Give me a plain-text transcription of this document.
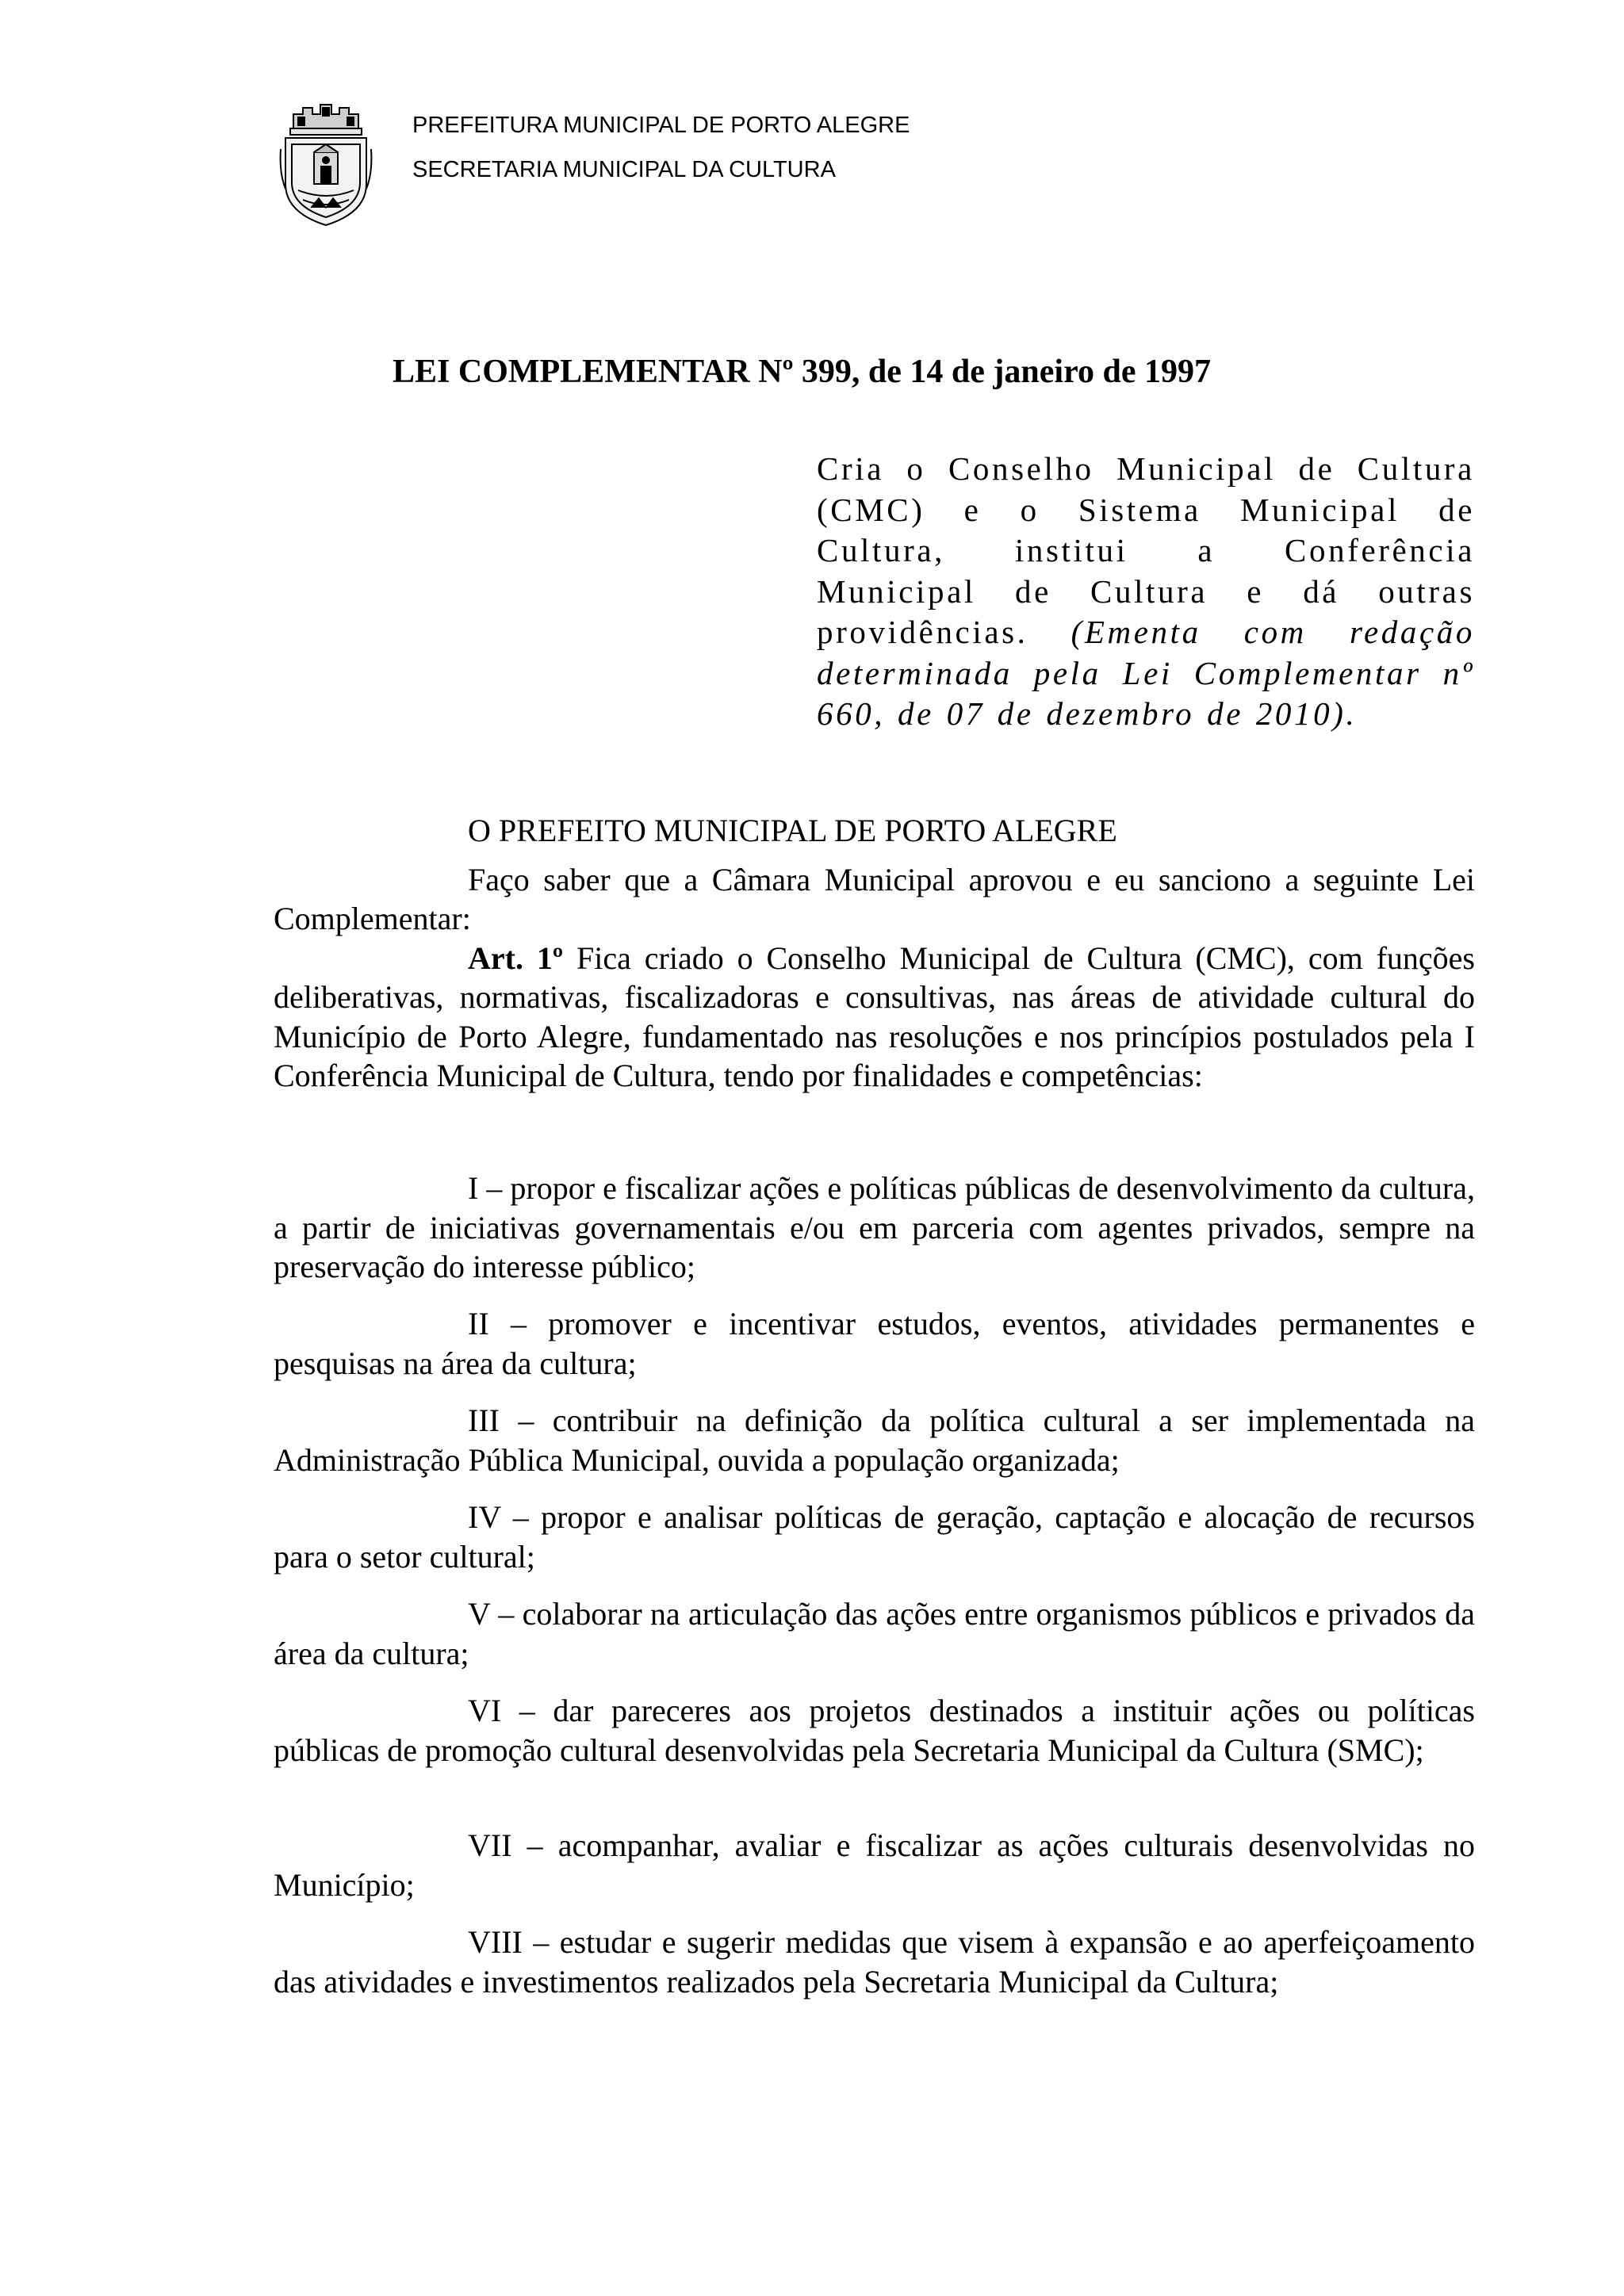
PREFEITURA MUNICIPAL DE PORTO ALEGRE
SECRETARIA MUNICIPAL DA CULTURA
LEI COMPLEMENTAR Nº 399, de 14 de janeiro de 1997
Cria o Conselho Municipal de Cultura (CMC) e o Sistema Municipal de Cultura, institui a Conferência Municipal de Cultura e dá outras providências. (Ementa com redação determinada pela Lei Complementar nº 660, de 07 de dezembro de 2010).

O PREFEITO MUNICIPAL DE PORTO ALEGRE

Faço saber que a Câmara Municipal aprovou e eu sanciono a seguinte Lei Complementar:

Art. 1º Fica criado o Conselho Municipal de Cultura (CMC), com funções deliberativas, normativas, fiscalizadoras e consultivas, nas áreas de atividade cultural do Município de Porto Alegre, fundamentado nas resoluções e nos princípios postulados pela I Conferência Municipal de Cultura, tendo por finalidades e competências:

I – propor e fiscalizar ações e políticas públicas de desenvolvimento da cultura, a partir de iniciativas governamentais e/ou em parceria com agentes privados, sempre na preservação do interesse público;

II – promover e incentivar estudos, eventos, atividades permanentes e pesquisas na área da cultura;

III – contribuir na definição da política cultural a ser implementada na Administração Pública Municipal, ouvida a população organizada;

IV – propor e analisar políticas de geração, captação e alocação de recursos para o setor cultural;

V – colaborar na articulação das ações entre organismos públicos e privados da área da cultura;

VI – dar pareceres aos projetos destinados a instituir ações ou políticas públicas de promoção cultural desenvolvidas pela Secretaria Municipal da Cultura (SMC);

VII – acompanhar, avaliar e fiscalizar as ações culturais desenvolvidas no Município;

VIII – estudar e sugerir medidas que visem à expansão e ao aperfeiçoamento das atividades e investimentos realizados pela Secretaria Municipal da Cultura;
